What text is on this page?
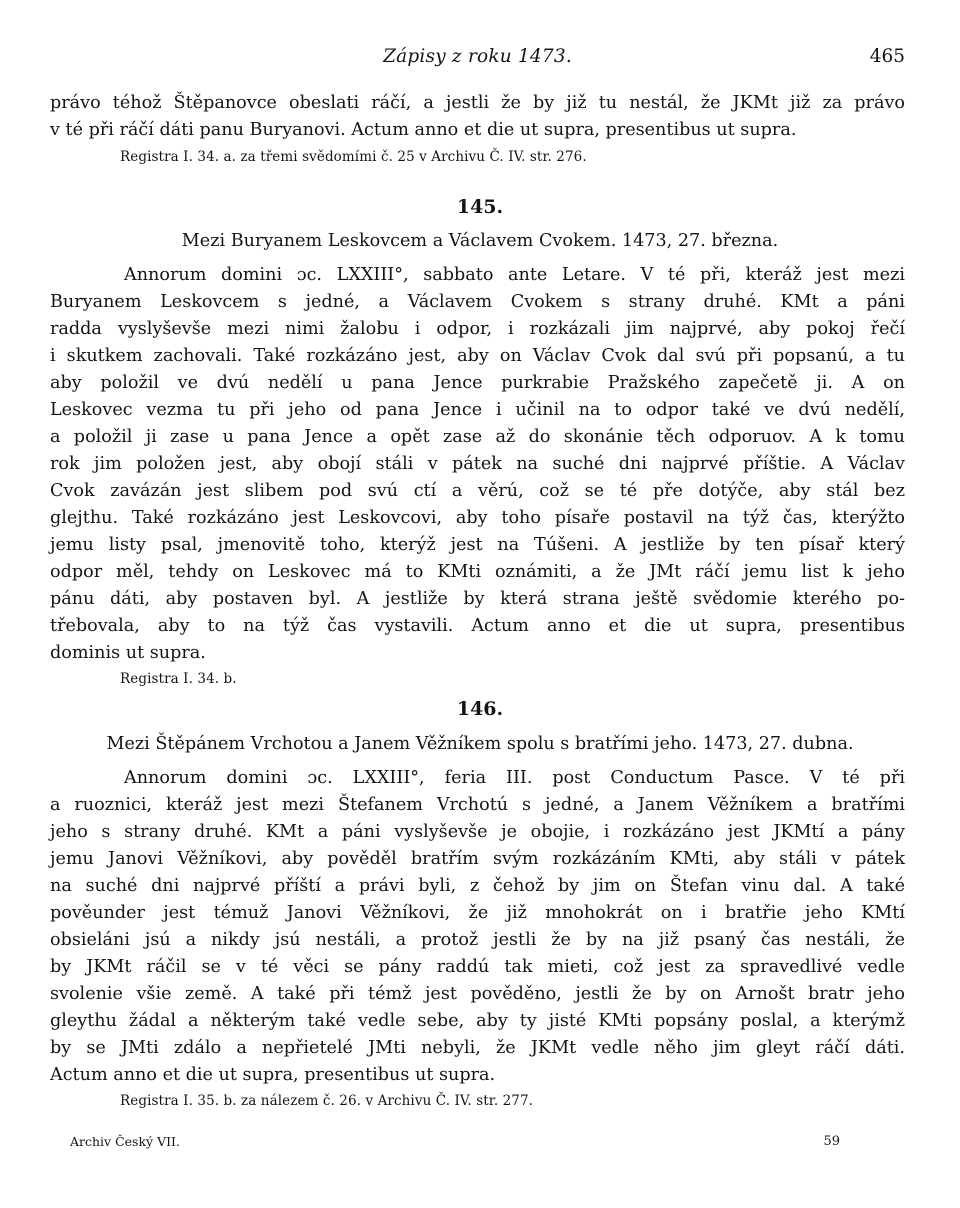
Zápisy z roku 1473.	465
právo téhož Štěpanovce obeslati ráčí, a jestli že by již tu nestál, že JKMt již za právo
v té při ráčí dáti panu Buryanovi. Actum anno et die ut supra, presentibus ut supra.
Registra I. 34. a. za třemi svědomími č. 25 v Archivu Č. IV. str. 276.
145.
Mezi Buryanem Leskovcem a Václavem Cvokem. 1473, 27. března.
Annorum domini ɔc. LXXIII°, sabbato ante Letare. V té při, kteráž jest mezi
Buryanem Leskovcem s jedné, a Václavem Cvokem s strany druhé. KMt a páni
radda vyslyševše mezi nimi žalobu i odpor, i rozkázali jim najprvé, aby pokoj řečí
i skutkem zachovali. Také rozkázáno jest, aby on Václav Cvok dal svú při popsanú, a tu
aby položil ve dvú nedělí u pana Jence purkrabie Pražského zapečetě ji. A on
Leskovec vezma tu při jeho od pana Jence i učinil na to odpor také ve dvú nedělí,
a položil ji zase u pana Jence a opět zase až do skonánie těch odporuov. A k tomu
rok jim položen jest, aby obojí stáli v pátek na suché dni najprvé příštie. A Václav
Cvok zavázán jest slibem pod svú ctí a věrú, což se té pře dotýče, aby stál bez
glejthu. Také rozkázáno jest Leskovcovi, aby toho písaře postavil na týž čas, kterýžto
jemu listy psal, jmenovitě toho, kterýž jest na Túšeni. A jestliže by ten písař který
odpor měl, tehdy on Leskovec má to KMti oznámiti, a že JMt ráčí jemu list k jeho
pánu dáti, aby postaven byl. A jestliže by která strana ještě svědomie kterého po-
třebovala, aby to na týž čas vystavili. Actum anno et die ut supra, presentibus
dominis ut supra.
Registra I. 34. b.
146.
Mezi Štěpánem Vrchotou a Janem Věžníkem spolu s bratřími jeho. 1473, 27. dubna.
Annorum domini ɔc. LXXIII°, feria III. post Conductum Pasce. V té při
a ruoznici, kteráž jest mezi Štefanem Vrchotú s jedné, a Janem Věžníkem a bratřími
jeho s strany druhé. KMt a páni vyslyševše je obojie, i rozkázáno jest JKMtí a pány
jemu Janovi Věžníkovi, aby pověděl bratřím svým rozkázáním KMti, aby stáli v pátek
na suché dni najprvé příští a právi byli, z čehož by jim on Štefan vinu dal. A také
pověunder jest témuž Janovi Věžníkovi, že již mnohokrát on i bratřie jeho KMtí
obsieláni jsú a nikdy jsú nestáli, a protož jestli že by na již psaný čas nestáli, že
by JKMt ráčil se v té věci se pány raddú tak mieti, což jest za spravedlivé vedle
svolenie všie země. A také při témž jest pověděno, jestli že by on Arnošt bratr jeho
gleythu žádal a některým také vedle sebe, aby ty jisté KMti popsány poslal, a kterýmž
by se JMti zdálo a nepřietelé JMti nebyli, že JKMt vedle něho jim gleyt ráčí dáti.
Actum anno et die ut supra, presentibus ut supra.
Registra I. 35. b. za nálezem č. 26. v Archivu Č. IV. str. 277.
Archiv Český VII.	59
